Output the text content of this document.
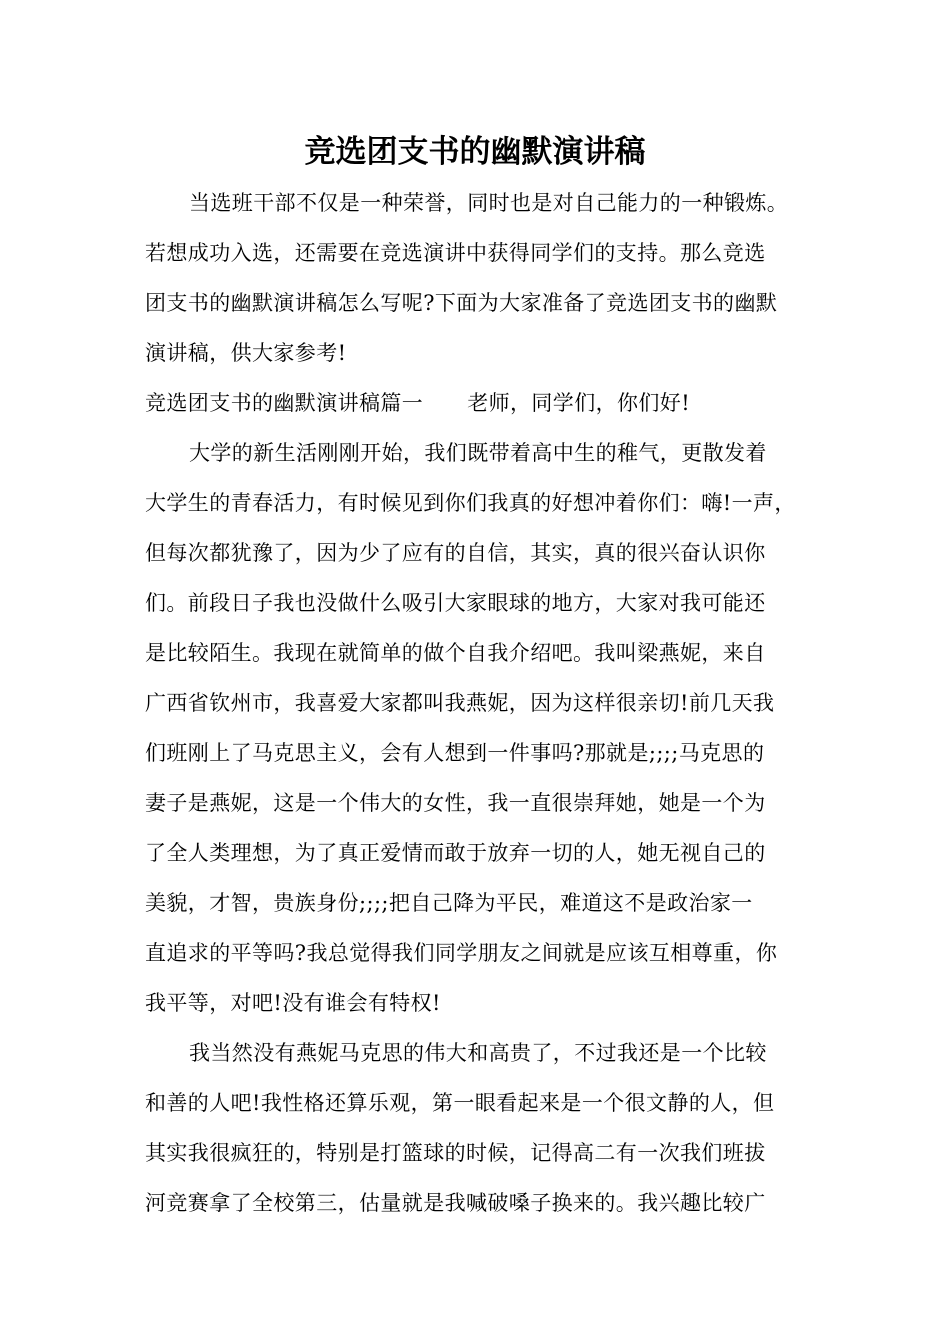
竞选团支书的幽默演讲稿
当选班干部不仅是一种荣誉，同时也是对自己能力的一种锻炼。
若想成功入选，还需要在竞选演讲中获得同学们的支持。那么竞选
团支书的幽默演讲稿怎么写呢?下面为大家准备了竞选团支书的幽默
演讲稿，供大家参考!
竞选团支书的幽默演讲稿篇一 老师，同学们，你们好!
大学的新生活刚刚开始，我们既带着高中生的稚气，更散发着
大学生的青春活力，有时候见到你们我真的好想冲着你们：嗨!一声，
但每次都犹豫了，因为少了应有的自信，其实，真的很兴奋认识你
们。前段日子我也没做什么吸引大家眼球的地方，大家对我可能还
是比较陌生。我现在就简单的做个自我介绍吧。我叫梁燕妮，来自
广西省钦州市，我喜爱大家都叫我燕妮，因为这样很亲切!前几天我
们班刚上了马克思主义，会有人想到一件事吗?那就是;;;;马克思的
妻子是燕妮，这是一个伟大的女性，我一直很崇拜她，她是一个为
了全人类理想，为了真正爱情而敢于放弃一切的人，她无视自己的
美貌，才智，贵族身份;;;;把自己降为平民，难道这不是政治家一
直追求的平等吗?我总觉得我们同学朋友之间就是应该互相尊重，你
我平等，对吧!没有谁会有特权!
我当然没有燕妮马克思的伟大和高贵了，不过我还是一个比较
和善的人吧!我性格还算乐观，第一眼看起来是一个很文静的人，但
其实我很疯狂的，特别是打篮球的时候，记得高二有一次我们班拔
河竞赛拿了全校第三，估量就是我喊破嗓子换来的。我兴趣比较广
